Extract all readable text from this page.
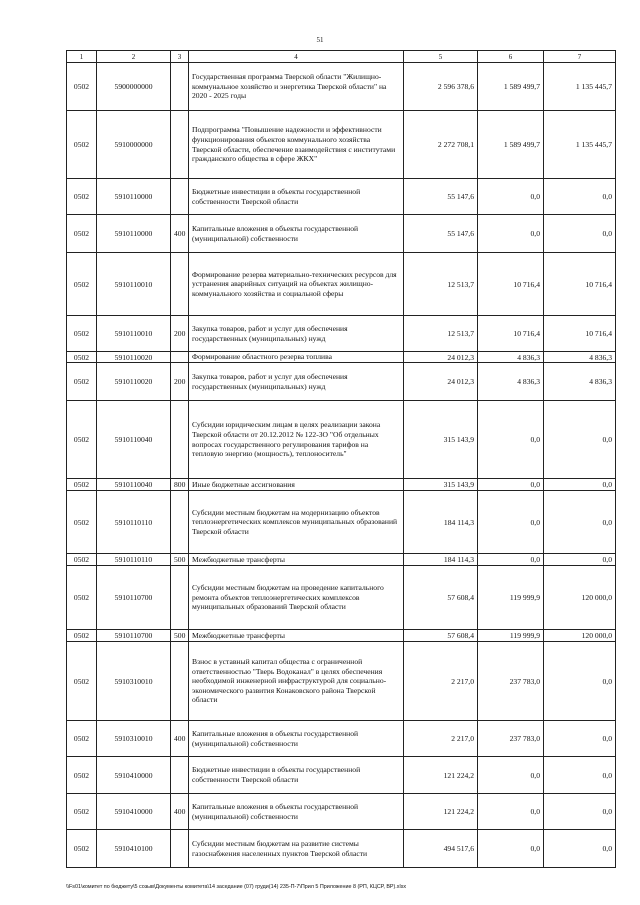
51
1	2	3	4	5	6	7
0502	5900000000		Государственная программа Тверской области "Жилищно-коммунальное хозяйство и энергетика Тверской области" на 2020 - 2025 годы	2 596 378,6	1 589 499,7	1 135 445,7
0502	5910000000		Подпрограмма "Повышение надежности и эффективности функционирования объектов коммунального хозяйства Тверской области, обеспечение взаимодействия с институтами гражданского общества в сфере ЖКХ"	2 272 708,1	1 589 499,7	1 135 445,7
0502	5910110000		Бюджетные инвестиции в объекты государственной собственности Тверской области	55 147,6	0,0	0,0
0502	5910110000	400	Капитальные вложения в объекты государственной (муниципальной) собственности	55 147,6	0,0	0,0
0502	5910110010		Формирование резерва материально-технических ресурсов для устранения аварийных ситуаций на объектах жилищно-коммунального хозяйства и социальной сферы	12 513,7	10 716,4	10 716,4
0502	5910110010	200	Закупка товаров, работ и услуг для обеспечения государственных (муниципальных) нужд	12 513,7	10 716,4	10 716,4
0502	5910110020		Формирование областного резерва топлива	24 012,3	4 836,3	4 836,3
0502	5910110020	200	Закупка товаров, работ и услуг для обеспечения государственных (муниципальных) нужд	24 012,3	4 836,3	4 836,3
0502	5910110040		Субсидии юридическим лицам в целях реализации закона Тверской области от 20.12.2012 № 122-ЗО "Об отдельных вопросах государственного регулирования тарифов на тепловую энергию (мощность), теплоноситель"	315 143,9	0,0	0,0
0502	5910110040	800	Иные бюджетные ассигнования	315 143,9	0,0	0,0
0502	5910110110		Субсидии местным бюджетам на модернизацию объектов теплоэнергетических комплексов муниципальных образований Тверской области	184 114,3	0,0	0,0
0502	5910110110	500	Межбюджетные трансферты	184 114,3	0,0	0,0
0502	5910110700		Субсидии местным бюджетам на проведение капитального ремонта объектов теплоэнергетических комплексов муниципальных образований Тверской области	57 608,4	119 999,9	120 000,0
0502	5910110700	500	Межбюджетные трансферты	57 608,4	119 999,9	120 000,0
0502	5910310010		Взнос в уставный капитал общества с ограниченной ответственностью "Тверь Водоканал" в целях обеспечения необходимой инженерной инфраструктурой для социально-экономического развития Конаковского района Тверской области	2 217,0	237 783,0	0,0
0502	5910310010	400	Капитальные вложения в объекты государственной (муниципальной) собственности	2 217,0	237 783,0	0,0
0502	5910410000		Бюджетные инвестиции в объекты государственной собственности Тверской области	121 224,2	0,0	0,0
0502	5910410000	400	Капитальные вложения в объекты государственной (муниципальной) собственности	121 224,2	0,0	0,0
0502	5910410100		Субсидии местным бюджетам на развитие системы газоснабжения населенных пунктов Тверской области	494 517,6	0,0	0,0
\\Fs01\комитет по бюджету\5 созыв\Документы комитета\14 заседание (07) груди(14) 235-П-7\Прил 5 Приложение 8 (РП, КЦСР, ВР).xlsx
